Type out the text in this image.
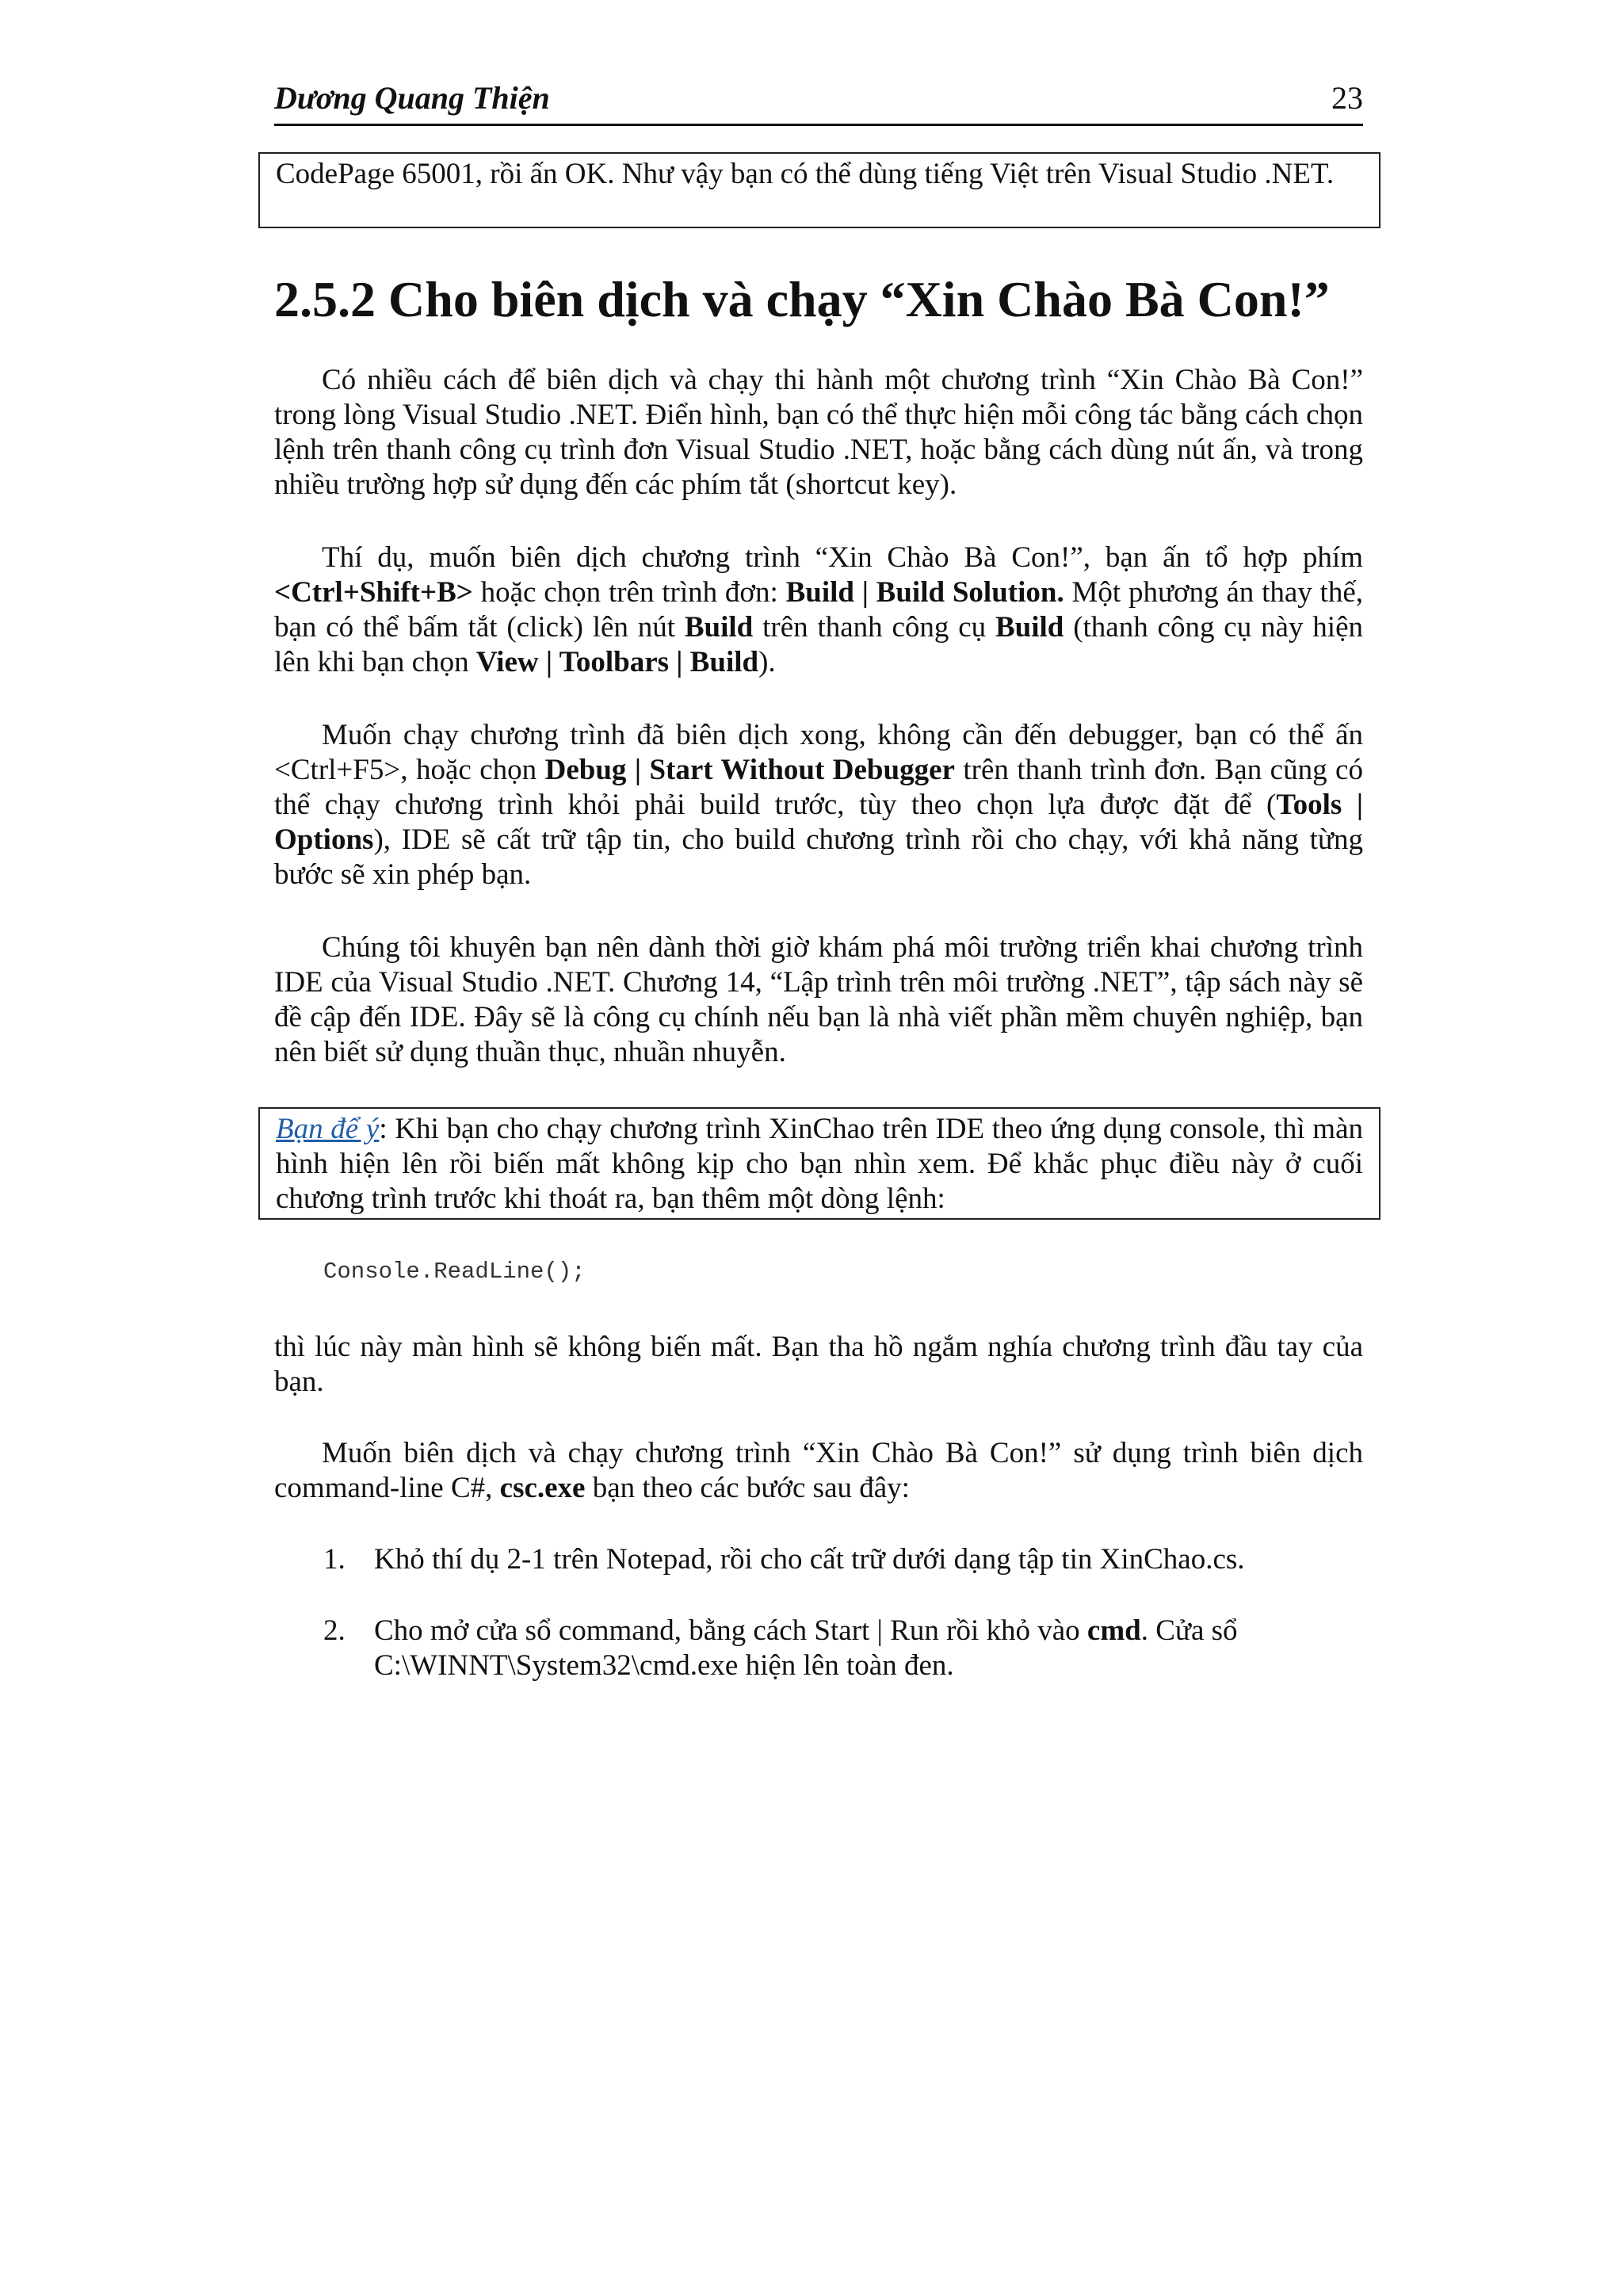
Dương Quang Thiện	23
CodePage 65001, rồi ấn OK. Như vậy bạn có thể dùng tiếng Việt trên Visual Studio .NET.
2.5.2 Cho biên dịch và chạy “Xin Chào Bà Con!”

Có nhiều cách để biên dịch và chạy thi hành một chương trình “Xin Chào Bà Con!” trong lòng Visual Studio .NET. Điển hình, bạn có thể thực hiện mỗi công tác bằng cách chọn lệnh trên thanh công cụ trình đơn Visual Studio .NET, hoặc bằng cách dùng nút ấn, và trong nhiều trường hợp sử dụng đến các phím tắt (shortcut key).

Thí dụ, muốn biên dịch chương trình “Xin Chào Bà Con!”, bạn ấn tổ hợp phím <Ctrl+Shift+B> hoặc chọn trên trình đơn: Build | Build Solution. Một phương án thay thế, bạn có thể bấm tắt (click) lên nút Build trên thanh công cụ Build (thanh công cụ này hiện lên khi bạn chọn View | Toolbars | Build).

Muốn chạy chương trình đã biên dịch xong, không cần đến debugger, bạn có thể ấn <Ctrl+F5>, hoặc chọn Debug | Start Without Debugger trên thanh trình đơn. Bạn cũng có thể chạy chương trình khỏi phải build trước, tùy theo chọn lựa được đặt để (Tools | Options), IDE sẽ cất trữ tập tin, cho build chương trình rồi cho chạy, với khả năng từng bước sẽ xin phép bạn.

Chúng tôi khuyên bạn nên dành thời giờ khám phá môi trường triển khai chương trình IDE của Visual Studio .NET. Chương 14, “Lập trình trên môi trường .NET”, tập sách này sẽ đề cập đến IDE. Đây sẽ là công cụ chính nếu bạn là nhà viết phần mềm chuyên nghiệp, bạn nên biết sử dụng thuần thục, nhuần nhuyễn.

Bạn để ý: Khi bạn cho chạy chương trình XinChao trên IDE theo ứng dụng console, thì màn hình hiện lên rồi biến mất không kịp cho bạn nhìn xem. Để khắc phục điều này ở cuối chương trình trước khi thoát ra, bạn thêm một dòng lệnh:
Console.ReadLine();

thì lúc này màn hình sẽ không biến mất. Bạn tha hồ ngắm nghía chương trình đầu tay của bạn.

Muốn biên dịch và chạy chương trình “Xin Chào Bà Con!” sử dụng trình biên dịch command-line C#, csc.exe bạn theo các bước sau đây:

1. Khỏ thí dụ 2-1 trên Notepad, rồi cho cất trữ dưới dạng tập tin XinChao.cs.
2. Cho mở cửa sổ command, bằng cách Start | Run rồi khỏ vào cmd. Cửa sổ C:\WINNT\System32\cmd.exe hiện lên toàn đen.
